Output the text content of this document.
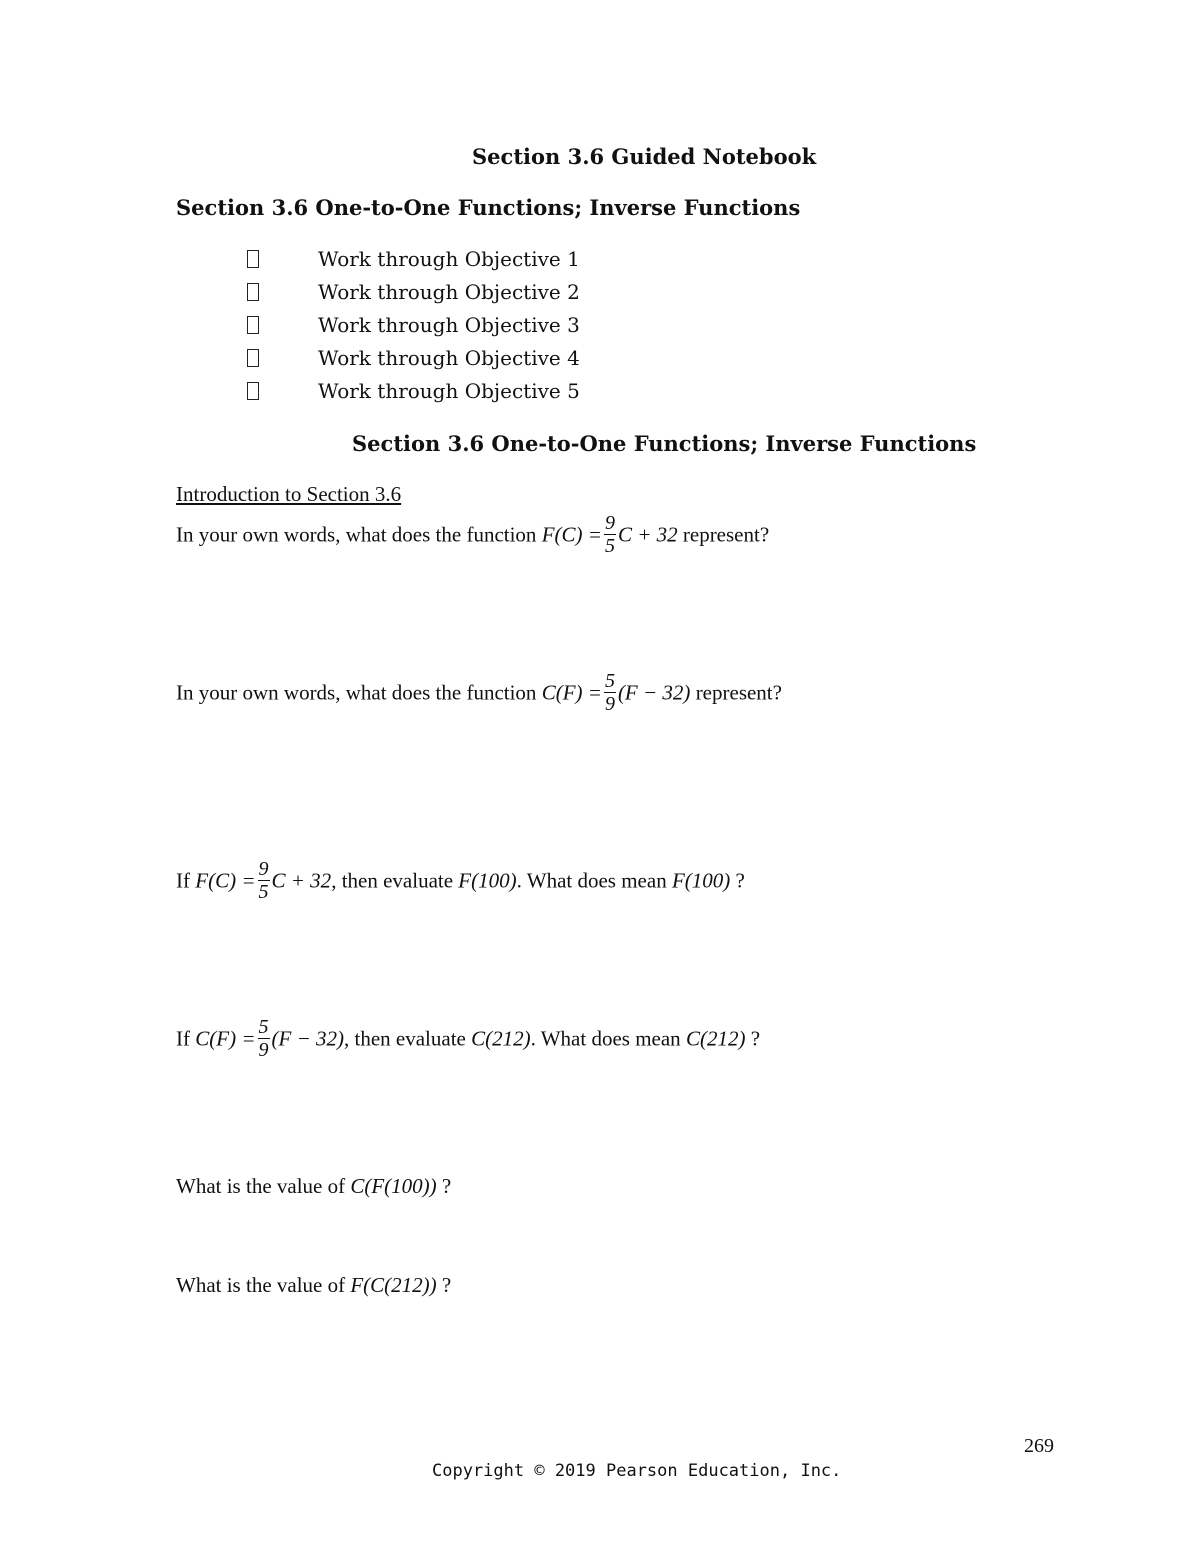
Section 3.6 Guided Notebook
Section 3.6 One-to-One Functions; Inverse Functions
Work through Objective 1
Work through Objective 2
Work through Objective 3
Work through Objective 4
Work through Objective 5
Section 3.6 One-to-One Functions; Inverse Functions
Introduction to Section 3.6
In your own words, what does the function $F(C) = \frac{9}{5}$ C + 32 represent?
In your own words, what does the function $C(F) = \frac{5}{9} (F - 32)$ represent?
If $F(C) = \frac{9}{5}$ C + 32, then evaluate F(100). What does mean F(100) ?
If $C(F) = \frac{5}{9} (F - 32)$, then evaluate C(212). What does mean C(212) ?
What is the value of C(F(100)) ?
What is the value of F(C(212)) ?
269
Copyright © 2019 Pearson Education, Inc.
